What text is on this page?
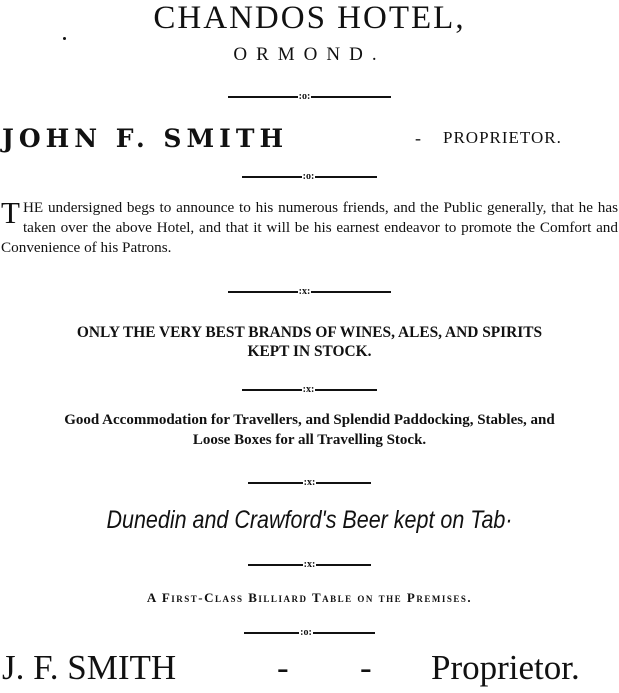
CHANDOS HOTEL,
ORMOND.
:o:
JOHN F. SMITH	- PROPRIETOR.
:o:
T HE undersigned begs to announce to his numerous friends, and the Public generally, that he has taken over the above Hotel, and that it will be his earnest endeavor to promote the Comfort and Convenience of his Patrons.

:x:
ONLY THE VERY BEST BRANDS OF WINES, ALES, AND SPIRITS
KEPT IN STOCK.
:x:
Good Accommodation for Travellers, and Splendid Paddocking, Stables, and
Loose Boxes for all Travelling Stock.
:x:
Dunedin and Crawford's Beer kept on Tab·
:x:
A First-Class Billiard Table on the Premises.
:o:
J. F. SMITH	- - Proprietor.
